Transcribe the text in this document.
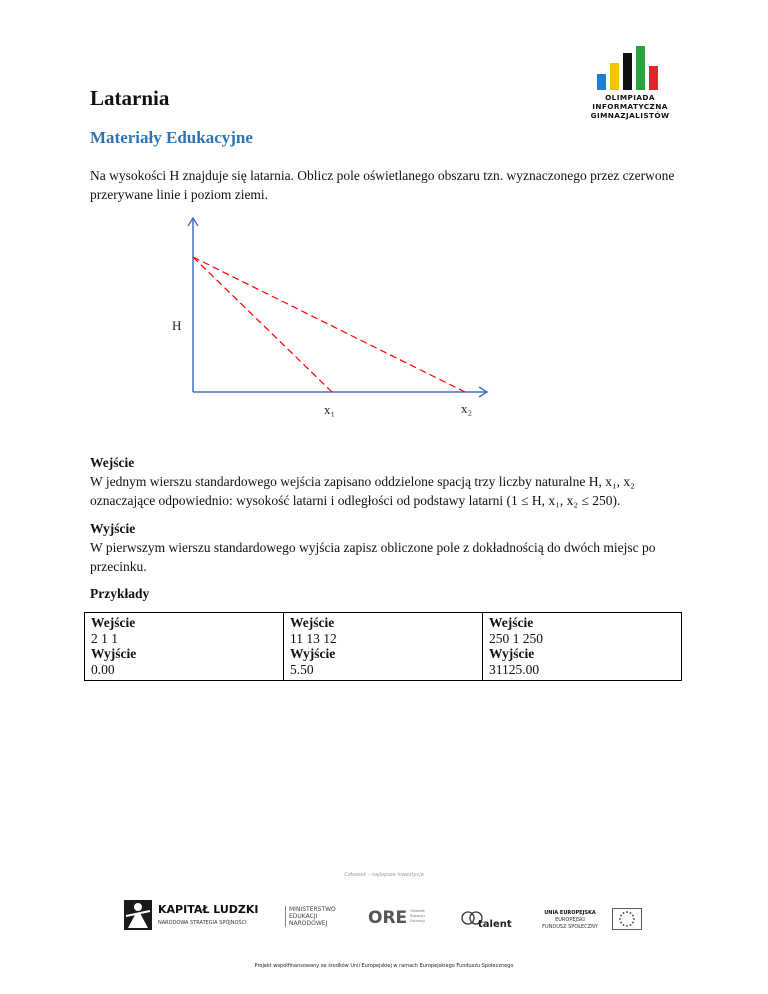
Latarnia	OLIMPIADA
INFORMATYCZNA
GIMNAZJALISTÓW
Materiały Edukacyjne

Na wysokości H znajduje się latarnia. Oblicz pole oświetlanego obszaru tzn. wyznaczonego przez czerwone przerywane linie i poziom ziemi.

H
x₁	x₂

Wejście

W jednym wierszu standardowego wejścia zapisano oddzielone spacją trzy liczby naturalne H, x₁, x₂ oznaczające odpowiednio: wysokość latarni i odległości od podstawy latarni (1 ≤ H, x₁, x₂ ≤ 250).

Wyjście

W pierwszym wierszu standardowego wyjścia zapisz obliczone pole z dokładnością do dwóch miejsc po przecinku.

Przykłady

Wejście
2 1 1
Wyjście
0.00

Wejście
11 13 12
Wyjście
5.50

Wejście
250 1 250
Wyjście
31125.00
Człowiek – najlepsza inwestycja
KAPITAŁ LUDZKI
NARODOWA STRATEGIA SPÓJNOŚCI
MINISTERSTWO
EDUKACJI
NARODOWEJ	ORE Ośrodek
Rozwoju
Edukacji	talent
UNIA EUROPEJSKA
EUROPEJSKI
FUNDUSZ SPOŁECZNY
Projekt współfinansowany ze środków Unii Europejskiej w ramach Europejskiego Funduszu Społecznego
